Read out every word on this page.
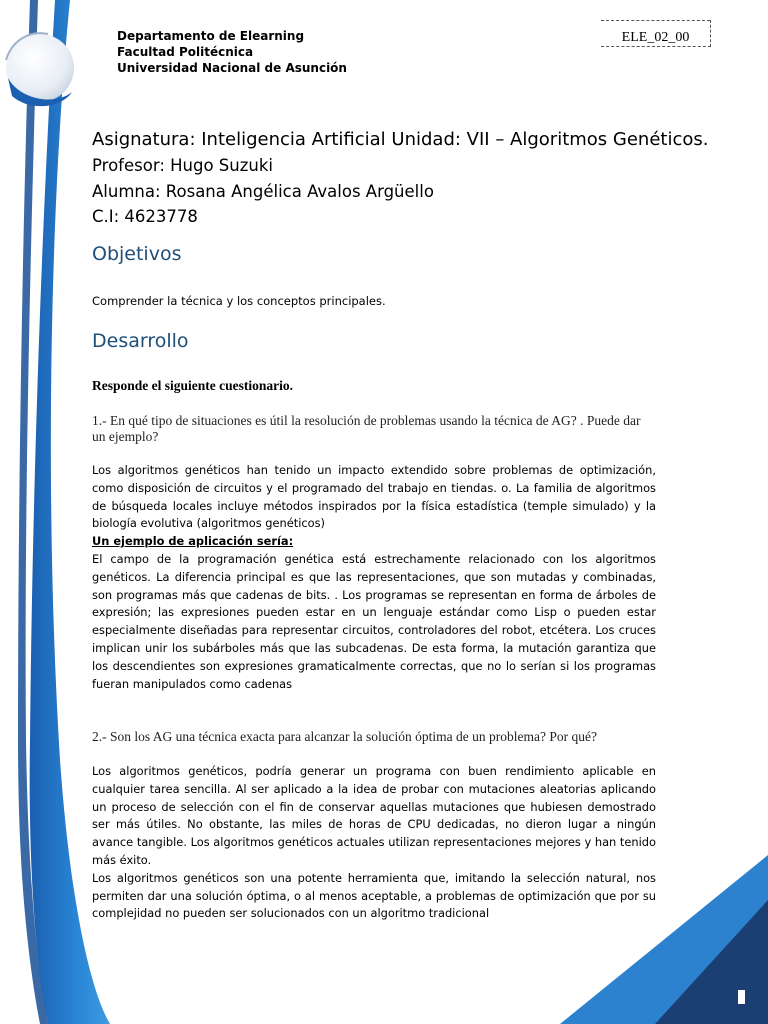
Departamento de Elearning
Facultad Politécnica
Universidad Nacional de Asunción
ELE_02_00
Asignatura: Inteligencia Artificial Unidad: VII – Algoritmos Genéticos.
Profesor: Hugo Suzuki
Alumna: Rosana Angélica Avalos Argüello
C.I: 4623778
Objetivos
Comprender la técnica y los conceptos principales.
Desarrollo
Responde el siguiente cuestionario.
1.- En qué tipo de situaciones es útil la resolución de problemas usando la técnica de AG? . Puede dar un ejemplo?
Los algoritmos genéticos han tenido un impacto extendido sobre problemas de optimización, como disposición de circuitos y el programado del trabajo en tiendas. o. La familia de algoritmos de búsqueda locales incluye métodos inspirados por la física estadística (temple simulado) y la biología evolutiva (algoritmos genéticos)
Un ejemplo de aplicación sería:
El campo de la programación genética está estrechamente relacionado con los algoritmos genéticos. La diferencia principal es que las representaciones, que son mutadas y combinadas, son programas más que cadenas de bits. . Los programas se representan en forma de árboles de expresión; las expresiones pueden estar en un lenguaje estándar como Lisp o pueden estar especialmente diseñadas para representar circuitos, controladores del robot, etcétera. Los cruces implican unir los subárboles más que las subcadenas. De esta forma, la mutación garantiza que los descendientes son expresiones gramaticalmente correctas, que no lo serían si los programas fueran manipulados como cadenas
2.- Son los AG una técnica exacta para alcanzar la solución óptima de un problema? Por qué?
Los algoritmos genéticos, podría generar un programa con buen rendimiento aplicable en cualquier tarea sencilla. Al ser aplicado a la idea de probar con mutaciones aleatorias aplicando un proceso de selección con el fin de conservar aquellas mutaciones que hubiesen demostrado ser más útiles. No obstante, las miles de horas de CPU dedicadas, no dieron lugar a ningún avance tangible. Los algoritmos genéticos actuales utilizan representaciones mejores y han tenido más éxito.
Los algoritmos genéticos son una potente herramienta que, imitando la selección natural, nos permiten dar una solución óptima, o al menos aceptable, a problemas de optimización que por su complejidad no pueden ser solucionados con un algoritmo tradicional
